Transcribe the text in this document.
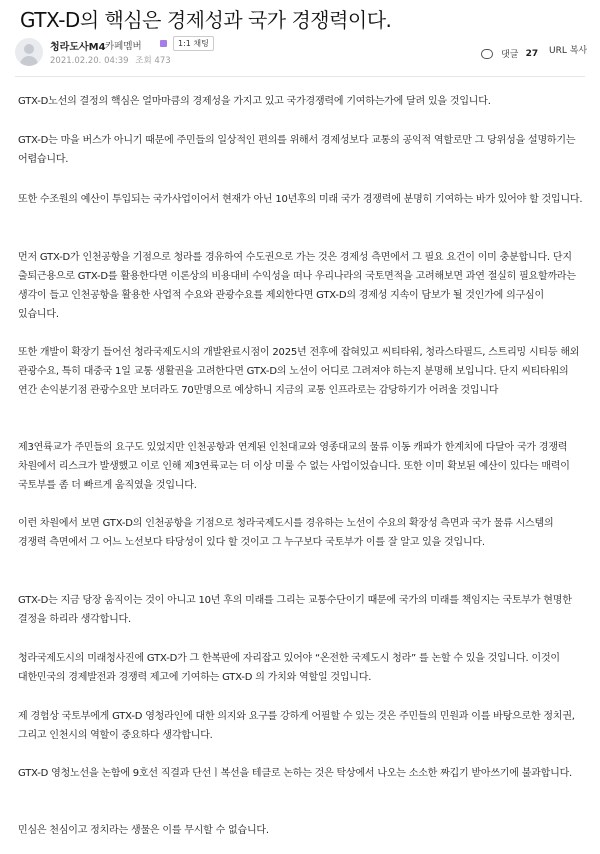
GTX-D의 핵심은 경제성과 국가 경쟁력이다.
청라도사M4 카페멤버	1:1 채팅
2021.02.20. 04:39 조회 473
댓글 27 URL 복사

GTX-D노선의 결정의 핵심은 얼마마큼의 경제성을 가지고 있고 국가경쟁력에 기여하는가에 달려 있을 것입니다.

GTX-D는 마을 버스가 아니기 때문에 주민들의 일상적인 편의를 위해서 경제성보다 교통의 공익적 역할로만 그 당위성을 설명하기는 어렵습니다.

또한 수조원의 예산이 투입되는 국가사업이어서 현재가 아닌 10년후의 미래 국가 경쟁력에 분명히 기여하는 바가 있어야 할 것입니다.

먼저 GTX-D가 인천공항을 기점으로 청라를 경유하여 수도권으로 가는 것은 경제성 측면에서 그 필요 요건이 이미 충분합니다. 단지 출퇴근용으로 GTX-D를 활용한다면 이론상의 비용대비 수익성을 떠나 우리나라의 국토면적을 고려해보면 과연 절실히 필요할까라는 생각이 들고 인천공항을 활용한 사업적 수요와 관광수요를 제외한다면 GTX-D의 경제성 지속이 담보가 될 것인가에 의구심이 있습니다.

또한 개발이 확장기 들어선 청라국제도시의 개발완료시점이 2025년 전후에 잡혀있고 씨티타워, 청라스타필드, 스트리밍 시티등 해외 관광수요, 특히 대중국 1일 교통 생활권을 고려한다면 GTX-D의 노선이 어디로 그려져야 하는지 분명해 보입니다. 단지 씨티타워의 연간 손익분기점 관광수요만 보더라도 70만명으로 예상하니 지금의 교통 인프라로는 감당하기가 어려울 것입니다

제3연륙교가 주민들의 요구도 있었지만 인천공항과 연계된 인천대교와 영종대교의 물류 이동 캐파가 한계치에 다달아 국가 경쟁력 차원에서 리스크가 발생했고 이로 인해 제3연륙교는 더 이상 미룰 수 없는 사업이었습니다. 또한 이미 확보된 예산이 있다는 매력이 국토부를 좀 더 빠르게 움직였을 것입니다.

이런 차원에서 보면 GTX-D의 인천공항을 기점으로 청라국제도시를 경유하는 노선이 수요의 확장성 측면과 국가 물류 시스템의 경쟁력 측면에서 그 어느 노선보다 타당성이 있다 할 것이고 그 누구보다 국토부가 이를 잘 알고 있을 것입니다.

GTX-D는 지금 당장 움직이는 것이 아니고 10년 후의 미래를 그리는 교통수단이기 때문에 국가의 미래를 책임지는 국토부가 현명한 결정을 하리라 생각합니다.

청라국제도시의 미래청사진에 GTX-D가 그 한복판에 자리잡고 있어야 “온전한 국제도시 청라” 를 논할 수 있을 것입니다. 이것이 대한민국의 경제발전과 경쟁력 제고에 기여하는 GTX-D 의 가치와 역할일 것입니다.

제 경험상 국토부에게 GTX-D 영청라인에 대한 의지와 요구를 강하게 어필할 수 있는 것은 주민들의 민원과 이를 바탕으로한 정치권, 그리고 인천시의 역할이 중요하다 생각합니다.

GTX-D 영청노선을 논함에 9호선 직결과 단선ㅣ복선을 테클로 논하는 것은 탁상에서 나오는 소소한 짜깁기 받아쓰기에 불과합니다.

민심은 천심이고 정치라는 생물은 이를 무시할 수 없습니다.
